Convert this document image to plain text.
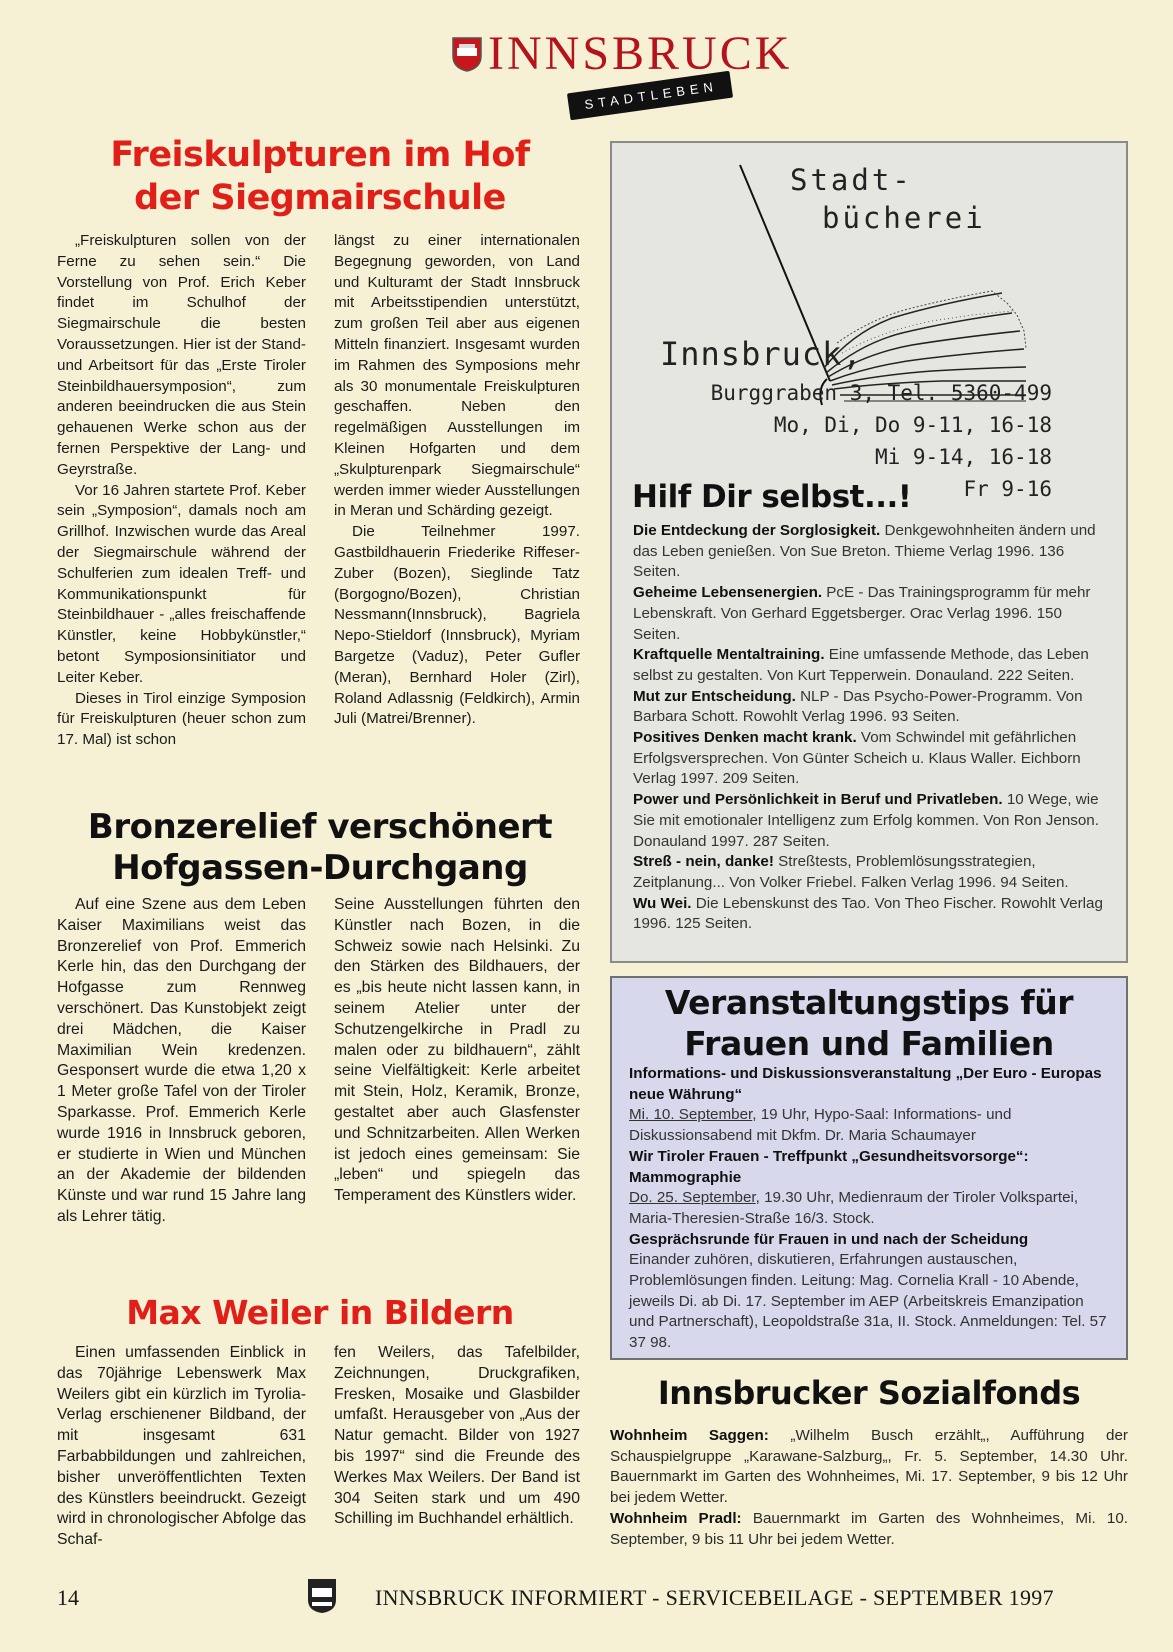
INNSBRUCK
STADTLEBEN
Freiskulpturen im Hof
der Siegmairschule

„Freiskulpturen sollen von der Ferne zu sehen sein.“ Die Vorstellung von Prof. Erich Keber findet im Schulhof der Siegmairschule die besten Voraussetzungen. Hier ist der Stand- und Arbeitsort für das „Erste Tiroler Steinbildhauersymposion“, zum anderen beeindrucken die aus Stein gehauenen Werke schon aus der fernen Perspektive der Lang- und Geyrstraße.

Vor 16 Jahren startete Prof. Keber sein „Symposion“, damals noch am Grillhof. Inzwischen wurde das Areal der Siegmairschule während der Schulferien zum idealen Treff- und Kommunikationspunkt für Steinbildhauer - „alles freischaffende Künstler, keine Hobbykünstler,“ betont Symposionsinitiator und Leiter Keber.

Dieses in Tirol einzige Symposion für Freiskulpturen (heuer schon zum 17. Mal) ist schon

längst zu einer internationalen Begegnung geworden, von Land und Kulturamt der Stadt Innsbruck mit Arbeitsstipendien unterstützt, zum großen Teil aber aus eigenen Mitteln finanziert. Insgesamt wurden im Rahmen des Symposions mehr als 30 monumentale Freiskulpturen geschaffen. Neben den regelmäßigen Ausstellungen im Kleinen Hofgarten und dem „Skulpturenpark Siegmairschule“ werden immer wieder Ausstellungen in Meran und Schärding gezeigt.

Die Teilnehmer 1997. Gastbildhauerin Friederike Riffeser-Zuber (Bozen), Sieglinde Tatz (Borgogno/Bozen), Christian Nessmann(Innsbruck), Bagriela Nepo-Stieldorf (Innsbruck), Myriam Bargetze (Vaduz), Peter Gufler (Meran), Bernhard Holer (Zirl), Roland Adlassnig (Feldkirch), Armin Juli (Matrei/Brenner).

Bronzerelief verschönert
Hofgassen-Durchgang

Auf eine Szene aus dem Leben Kaiser Maximilians weist das Bronzerelief von Prof. Emmerich Kerle hin, das den Durchgang der Hofgasse zum Rennweg verschönert. Das Kunstobjekt zeigt drei Mädchen, die Kaiser Maximilian Wein kredenzen. Gesponsert wurde die etwa 1,20 x 1 Meter große Tafel von der Tiroler Sparkasse. Prof. Emmerich Kerle wurde 1916 in Innsbruck geboren, er studierte in Wien und München an der Akademie der bildenden Künste und war rund 15 Jahre lang als Lehrer tätig.

Seine Ausstellungen führten den Künstler nach Bozen, in die Schweiz sowie nach Helsinki. Zu den Stärken des Bildhauers, der es „bis heute nicht lassen kann, in seinem Atelier unter der Schutzengelkirche in Pradl zu malen oder zu bildhauern“, zählt seine Vielfältigkeit: Kerle arbeitet mit Stein, Holz, Keramik, Bronze, gestaltet aber auch Glasfenster und Schnitzarbeiten. Allen Werken ist jedoch eines gemeinsam: Sie „leben“ und spiegeln das Temperament des Künstlers wider.

Max Weiler in Bildern

Einen umfassenden Einblick in das 70jährige Lebenswerk Max Weilers gibt ein kürzlich im Tyrolia-Verlag erschienener Bildband, der mit insgesamt 631 Farbabbildungen und zahlreichen, bisher unveröffentlichten Texten des Künstlers beeindruckt. Gezeigt wird in chronologischer Abfolge das Schaf-

fen Weilers, das Tafelbilder, Zeichnungen, Druckgrafiken, Fresken, Mosaike und Glasbilder umfaßt. Herausgeber von „Aus der Natur gemacht. Bilder von 1927 bis 1997“ sind die Freunde des Werkes Max Weilers. Der Band ist 304 Seiten stark und um 490 Schilling im Buchhandel erhältlich.

Stadt-
bücherei
Innsbruck,
Burggraben 3, Tel. 5360-499
Mo, Di, Do 9-11, 16-18
Mi 9-14, 16-18
Fr 9-16
Hilf Dir selbst...!
Die Entdeckung der Sorglosigkeit. Denkgewohnheiten ändern und das Leben genießen. Von Sue Breton. Thieme Verlag 1996. 136 Seiten.
Geheime Lebensenergien. PcE - Das Trainingsprogramm für mehr Lebenskraft. Von Gerhard Eggetsberger. Orac Verlag 1996. 150 Seiten.
Kraftquelle Mentaltraining. Eine umfassende Methode, das Leben selbst zu gestalten. Von Kurt Tepperwein. Donauland. 222 Seiten.
Mut zur Entscheidung. NLP - Das Psycho-Power-Programm. Von Barbara Schott. Rowohlt Verlag 1996. 93 Seiten.
Positives Denken macht krank. Vom Schwindel mit gefährlichen Erfolgsversprechen. Von Günter Scheich u. Klaus Waller. Eichborn Verlag 1997. 209 Seiten.
Power und Persönlichkeit in Beruf und Privatleben. 10 Wege, wie Sie mit emotionaler Intelligenz zum Erfolg kommen. Von Ron Jenson. Donauland 1997. 287 Seiten.
Streß - nein, danke! Streßtests, Problemlösungsstrategien, Zeitplanung... Von Volker Friebel. Falken Verlag 1996. 94 Seiten.
Wu Wei. Die Lebenskunst des Tao. Von Theo Fischer. Rowohlt Verlag 1996. 125 Seiten.
Veranstaltungstips für
Frauen und Familien
Informations- und Diskussionsveranstaltung „Der Euro - Europas neue Währung“
Mi. 10. September, 19 Uhr, Hypo-Saal: Informations- und Diskussionsabend mit Dkfm. Dr. Maria Schaumayer
Wir Tiroler Frauen - Treffpunkt „Gesundheitsvorsorge“: Mammographie
Do. 25. September, 19.30 Uhr, Medienraum der Tiroler Volkspartei, Maria-Theresien-Straße 16/3. Stock.
Gesprächsrunde für Frauen in und nach der Scheidung
Einander zuhören, diskutieren, Erfahrungen austauschen, Problemlösungen finden. Leitung: Mag. Cornelia Krall - 10 Abende, jeweils Di. ab Di. 17. September im AEP (Arbeitskreis Emanzipation und Partnerschaft), Leopoldstraße 31a, II. Stock. Anmeldungen: Tel. 57 37 98.
Innsbrucker Sozialfonds
Wohnheim Saggen: „Wilhelm Busch erzählt„, Aufführung der Schauspielgruppe „Karawane-Salzburg„, Fr. 5. September, 14.30 Uhr. Bauernmarkt im Garten des Wohnheimes, Mi. 17. September, 9 bis 12 Uhr bei jedem Wetter.
Wohnheim Pradl: Bauernmarkt im Garten des Wohnheimes, Mi. 10. September, 9 bis 11 Uhr bei jedem Wetter.
14	INNSBRUCK INFORMIERT - SERVICEBEILAGE - SEPTEMBER 1997
